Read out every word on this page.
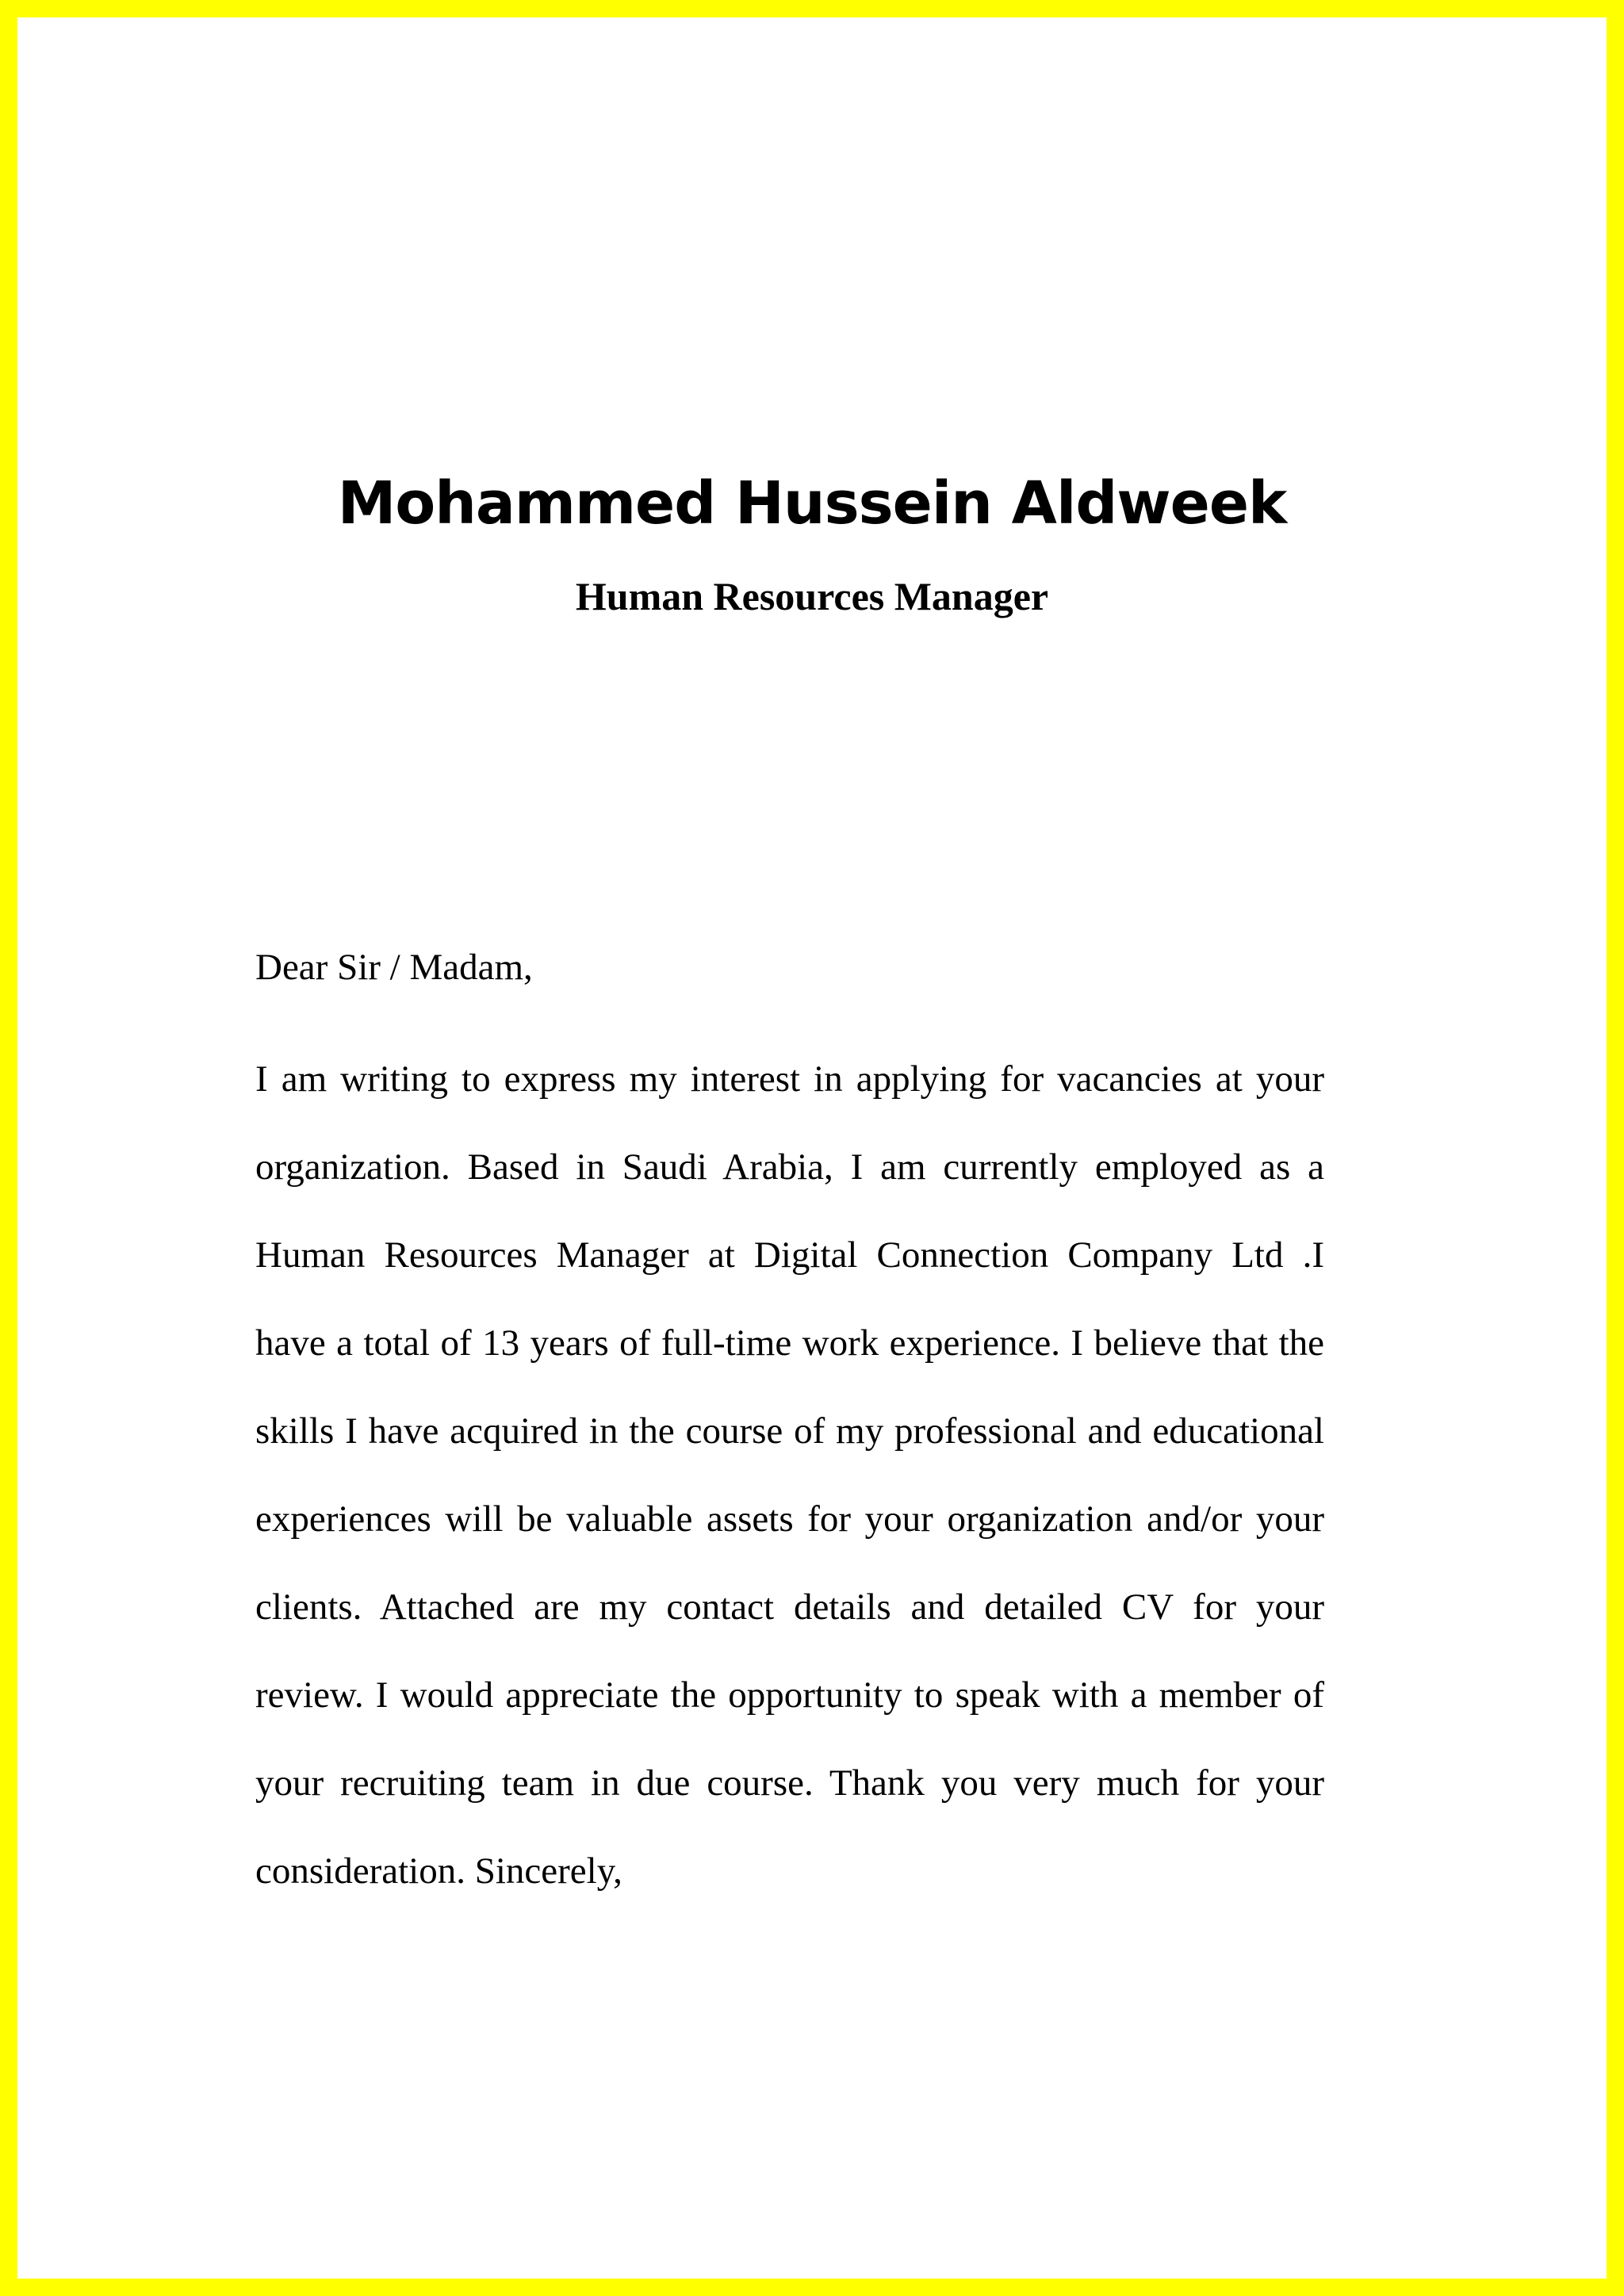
Mohammed Hussein Aldweek
Human Resources Manager
Dear Sir / Madam,
I am writing to express my interest in applying for vacancies at your organization. Based in Saudi Arabia, I am currently employed as a Human Resources Manager at Digital Connection Company Ltd .I have a total of 13 years of full-time work experience. I believe that the skills I have acquired in the course of my professional and educational experiences will be valuable assets for your organization and/or your clients. Attached are my contact details and detailed CV for your review. I would appreciate the opportunity to speak with a member of your recruiting team in due course. Thank you very much for your consideration. Sincerely,
